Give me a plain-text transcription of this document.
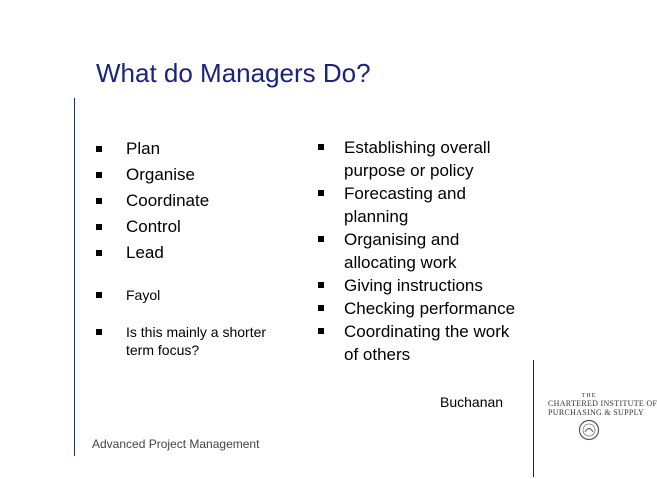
What do Managers Do?
Plan
Organise
Coordinate
Control
Lead
Fayol
Is this mainly a shorter term focus?
Establishing overall purpose or policy
Forecasting and planning
Organising and allocating work
Giving instructions
Checking performance
Coordinating the work of others
Buchanan
Advanced Project Management
THE
CHARTERED INSTITUTE OF
PURCHASING & SUPPLY
